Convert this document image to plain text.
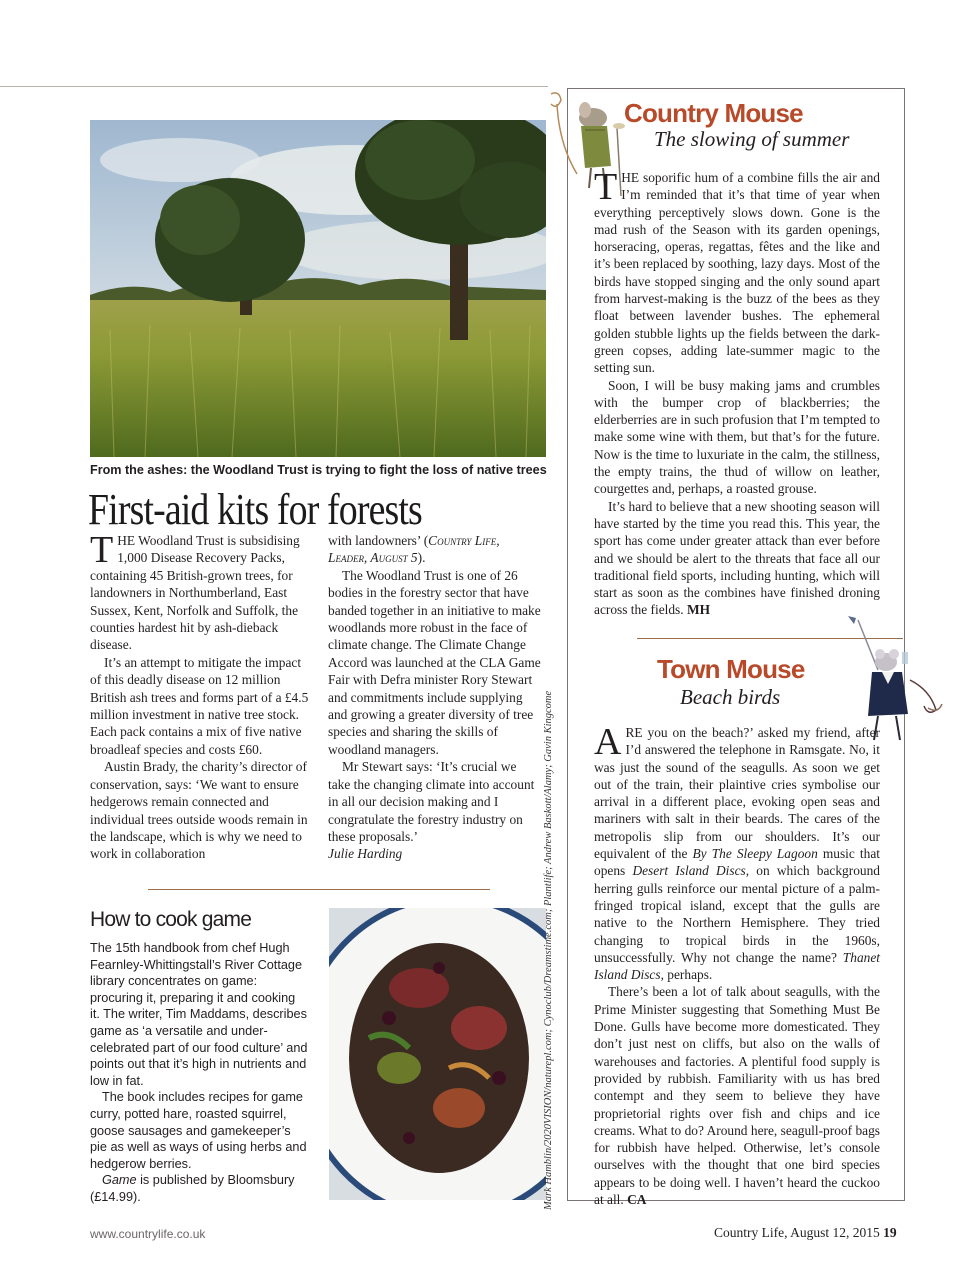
From the ashes: the Woodland Trust is trying to fight the loss of native trees
First-aid kits for forests

THE Woodland Trust is subsidising 1,000 Disease Recovery Packs, containing 45 British-grown trees, for landowners in Northumberland, East Sussex, Kent, Norfolk and Suffolk, the counties hardest hit by ash-dieback disease.

It’s an attempt to mitigate the impact of this deadly disease on 12 million British ash trees and forms part of a £4.5 million investment in native tree stock. Each pack contains a mix of five native broadleaf species and costs £60.

Austin Brady, the charity’s director of conservation, says: ‘We want to ensure hedgerows remain connected and individual trees outside woods remain in the landscape, which is why we need to work in collaboration

with landowners’ (Country Life, Leader, August 5).

The Woodland Trust is one of 26 bodies in the forestry sector that have banded together in an initiative to make woodlands more robust in the face of climate change. The Climate Change Accord was launched at the CLA Game Fair with Defra minister Rory Stewart and commitments include supplying and growing a greater diversity of tree species and sharing the skills of woodland managers.

Mr Stewart says: ‘It’s crucial we take the changing climate into account in all our decision making and I congratulate the forestry industry on these proposals.’

Julie Harding

How to cook game

The 15th handbook from chef Hugh Fearnley-Whittingstall’s River Cottage library concentrates on game: procuring it, preparing it and cooking it. The writer, Tim Maddams, describes game as ‘a versatile and under-celebrated part of our food culture’ and points out that it’s high in nutrients and low in fat.

The book includes recipes for game curry, potted hare, roasted squirrel, goose sausages and gamekeeper’s pie as well as ways of using herbs and hedgerow berries.

Game is published by Bloomsbury (£14.99).	Mark Hamblin/2020VISION/naturepl.com; Cynoclub/Dreamstime.com; Plantlife; Andrew Baskott/Alamy; Gavin Kingcome
Country Mouse
The slowing of summer

THE soporific hum of a combine fills the air and I’m reminded that it’s that time of year when everything perceptively slows down. Gone is the mad rush of the Season with its garden openings, horseracing, operas, regattas, fêtes and the like and it’s been replaced by soothing, lazy days. Most of the birds have stopped singing and the only sound apart from harvest-making is the buzz of the bees as they float between lavender bushes. The ephemeral golden stubble lights up the fields between the dark-green copses, adding late-summer magic to the setting sun.

Soon, I will be busy making jams and crumbles with the bumper crop of blackberries; the elderberries are in such profusion that I’m tempted to make some wine with them, but that’s for the future. Now is the time to luxuriate in the calm, the stillness, the empty trains, the thud of willow on leather, courgettes and, perhaps, a roasted grouse.

It’s hard to believe that a new shooting season will have started by the time you read this. This year, the sport has come under greater attack than ever before and we should be alert to the threats that face all our traditional field sports, including hunting, which will start as soon as the combines have finished droning across the fields. MH

Town Mouse
Beach birds

ARE you on the beach?’ asked my friend, after I’d answered the telephone in Ramsgate. No, it was just the sound of the seagulls. As soon we get out of the train, their plaintive cries symbolise our arrival in a different place, evoking open seas and mariners with salt in their beards. The cares of the metropolis slip from our shoulders. It’s our equivalent of the By The Sleepy Lagoon music that opens Desert Island Discs, on which background herring gulls reinforce our mental picture of a palm-fringed tropical island, except that the gulls are native to the Northern Hemisphere. They tried changing to tropical birds in the 1960s, unsuccessfully. Why not change the name? Thanet Island Discs, perhaps.

There’s been a lot of talk about seagulls, with the Prime Minister suggesting that Something Must Be Done. Gulls have become more domesticated. They don’t just nest on cliffs, but also on the walls of warehouses and factories. A plentiful food supply is provided by rubbish. Familiarity with us has bred contempt and they seem to believe they have proprietorial rights over fish and chips and ice creams. What to do? Around here, seagull-proof bags for rubbish have helped. Otherwise, let’s console ourselves with the thought that one bird species appears to be doing well. I haven’t heard the cuckoo at all. CA

www.countrylife.co.uk	Country Life, August 12, 2015 19
